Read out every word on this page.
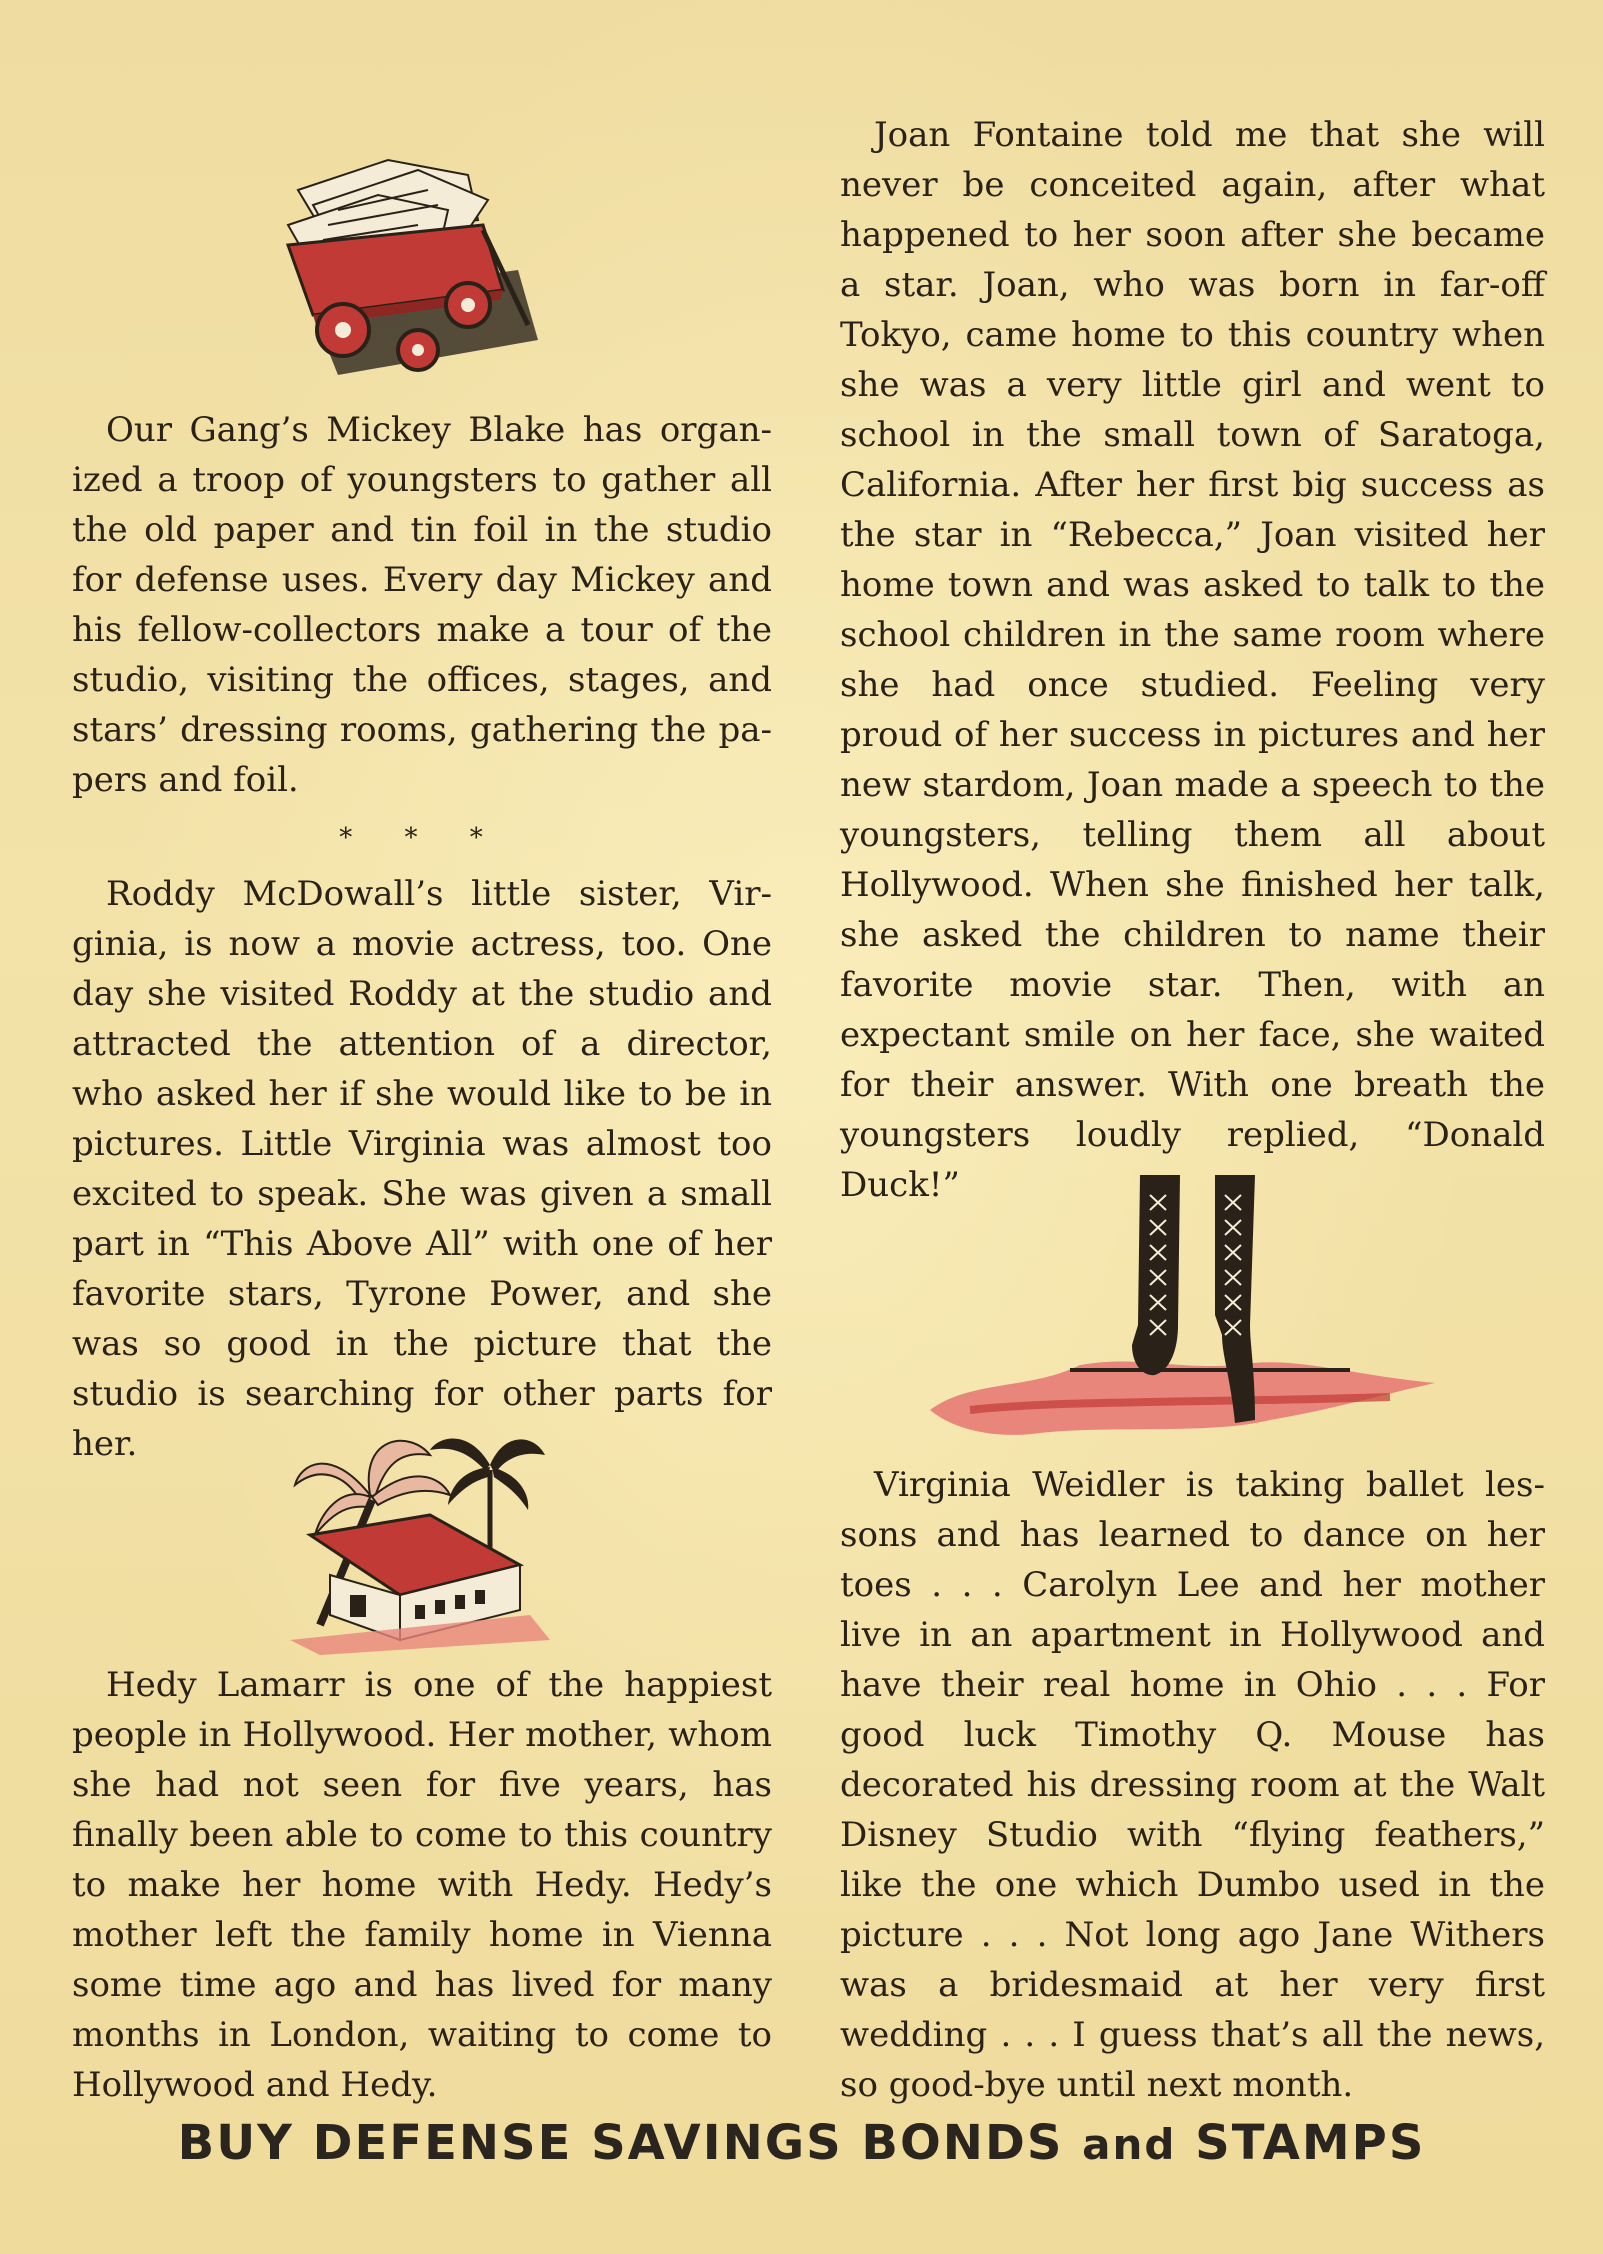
Our Gang’s Mickey Blake has organized a troop of youngsters to gather all the old paper and tin foil in the studio for defense uses. Every day Mickey and his fellow-collectors make a tour of the studio, visiting the offices, stages, and stars’ dressing rooms, gathering the papers and foil.

* * *

Roddy McDowall’s little sister, Virginia, is now a movie actress, too. One day she visited Roddy at the studio and attracted the attention of a director, who asked her if she would like to be in pictures. Little Virginia was almost too excited to speak. She was given a small part in “This Above All” with one of her favorite stars, Tyrone Power, and she was so good in the picture that the studio is searching for other parts for her.

Hedy Lamarr is one of the happiest people in Hollywood. Her mother, whom she had not seen for five years, has finally been able to come to this country to make her home with Hedy. Hedy’s mother left the family home in Vienna some time ago and has lived for many months in London, waiting to come to Hollywood and Hedy.

Joan Fontaine told me that she will never be conceited again, after what happened to her soon after she became a star. Joan, who was born in far-off Tokyo, came home to this country when she was a very little girl and went to school in the small town of Saratoga, California. After her first big success as the star in “Rebecca,” Joan visited her home town and was asked to talk to the school children in the same room where she had once studied. Feeling very proud of her success in pictures and her new stardom, Joan made a speech to the youngsters, telling them all about Hollywood. When she finished her talk, she asked the children to name their favorite movie star. Then, with an expectant smile on her face, she waited for their answer. With one breath the youngsters loudly replied, “Donald Duck!”

Virginia Weidler is taking ballet lessons and has learned to dance on her toes . . . Carolyn Lee and her mother live in an apartment in Hollywood and have their real home in Ohio . . . For good luck Timothy Q. Mouse has decorated his dressing room at the Walt Disney Studio with “flying feathers,” like the one which Dumbo used in the picture . . . Not long ago Jane Withers was a bridesmaid at her very first wedding . . . I guess that’s all the news, so good-bye until next month.

BUY DEFENSE SAVINGS BONDS and STAMPS
